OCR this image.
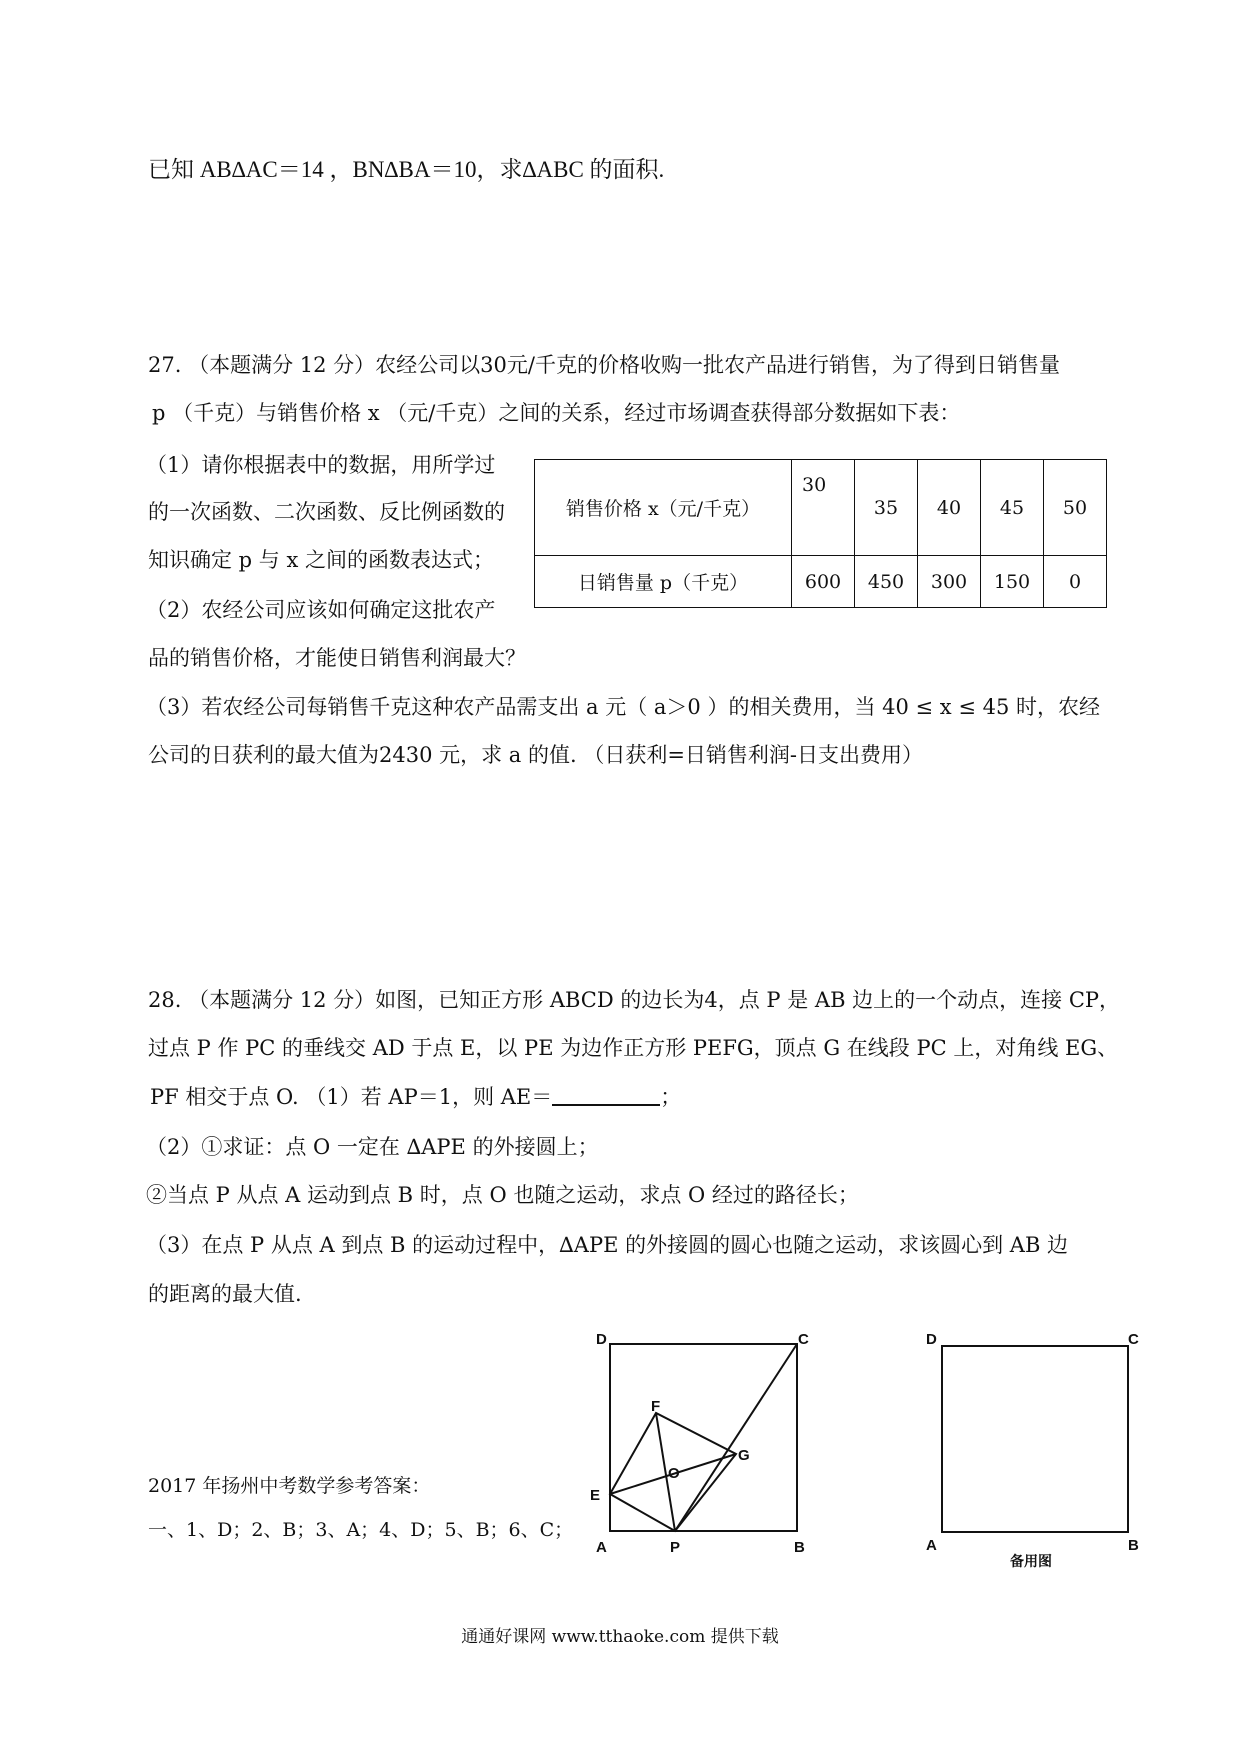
已知 AB∆AC＝14 ，BN∆BA＝10，求∆ABC 的面积.
27. （本题满分 12 分）农经公司以30元/千克的价格收购一批农产品进行销售，为了得到日销售量
p （千克）与销售价格 x （元/千克）之间的关系，经过市场调查获得部分数据如下表：
（1）请你根据表中的数据，用所学过
的一次函数、二次函数、反比例函数的
知识确定 p 与 x 之间的函数表达式；
（2）农经公司应该如何确定这批农产
品的销售价格，才能使日销售利润最大？
（3）若农经公司每销售千克这种农产品需支出 a 元（ a＞0 ）的相关费用，当 40 ≤ x ≤ 45 时，农经
公司的日获利的最大值为2430 元，求 a 的值. （日获利=日销售利润-日支出费用）
销售价格 x（元/千克）	30	35	40	45	50
日销售量 p（千克）	600	450	300	150	0
28. （本题满分 12 分）如图，已知正方形 ABCD 的边长为4，点 P 是 AB 边上的一个动点，连接 CP，
过点 P 作 PC 的垂线交 AD 于点 E，以 PE 为边作正方形 PEFG，顶点 G 在线段 PC 上，对角线 EG、
PF 相交于点 O. （1）若 AP＝1，则 AE＝	；
（2）①求证：点 O 一定在 ∆APE 的外接圆上；
②当点 P 从点 A 运动到点 B 时，点 O 也随之运动，求点 O 经过的路径长；
（3）在点 P 从点 A 到点 B 的运动过程中，∆APE 的外接圆的圆心也随之运动，求该圆心到 AB 边
的距离的最大值.
2017 年扬州中考数学参考答案：
一、1、D；2、B；3、A；4、D；5、B；6、C；
D	C
A	B
E
F
G
O
P
D	C
A	B
备用图
通通好课网 www.tthaoke.com 提供下载
